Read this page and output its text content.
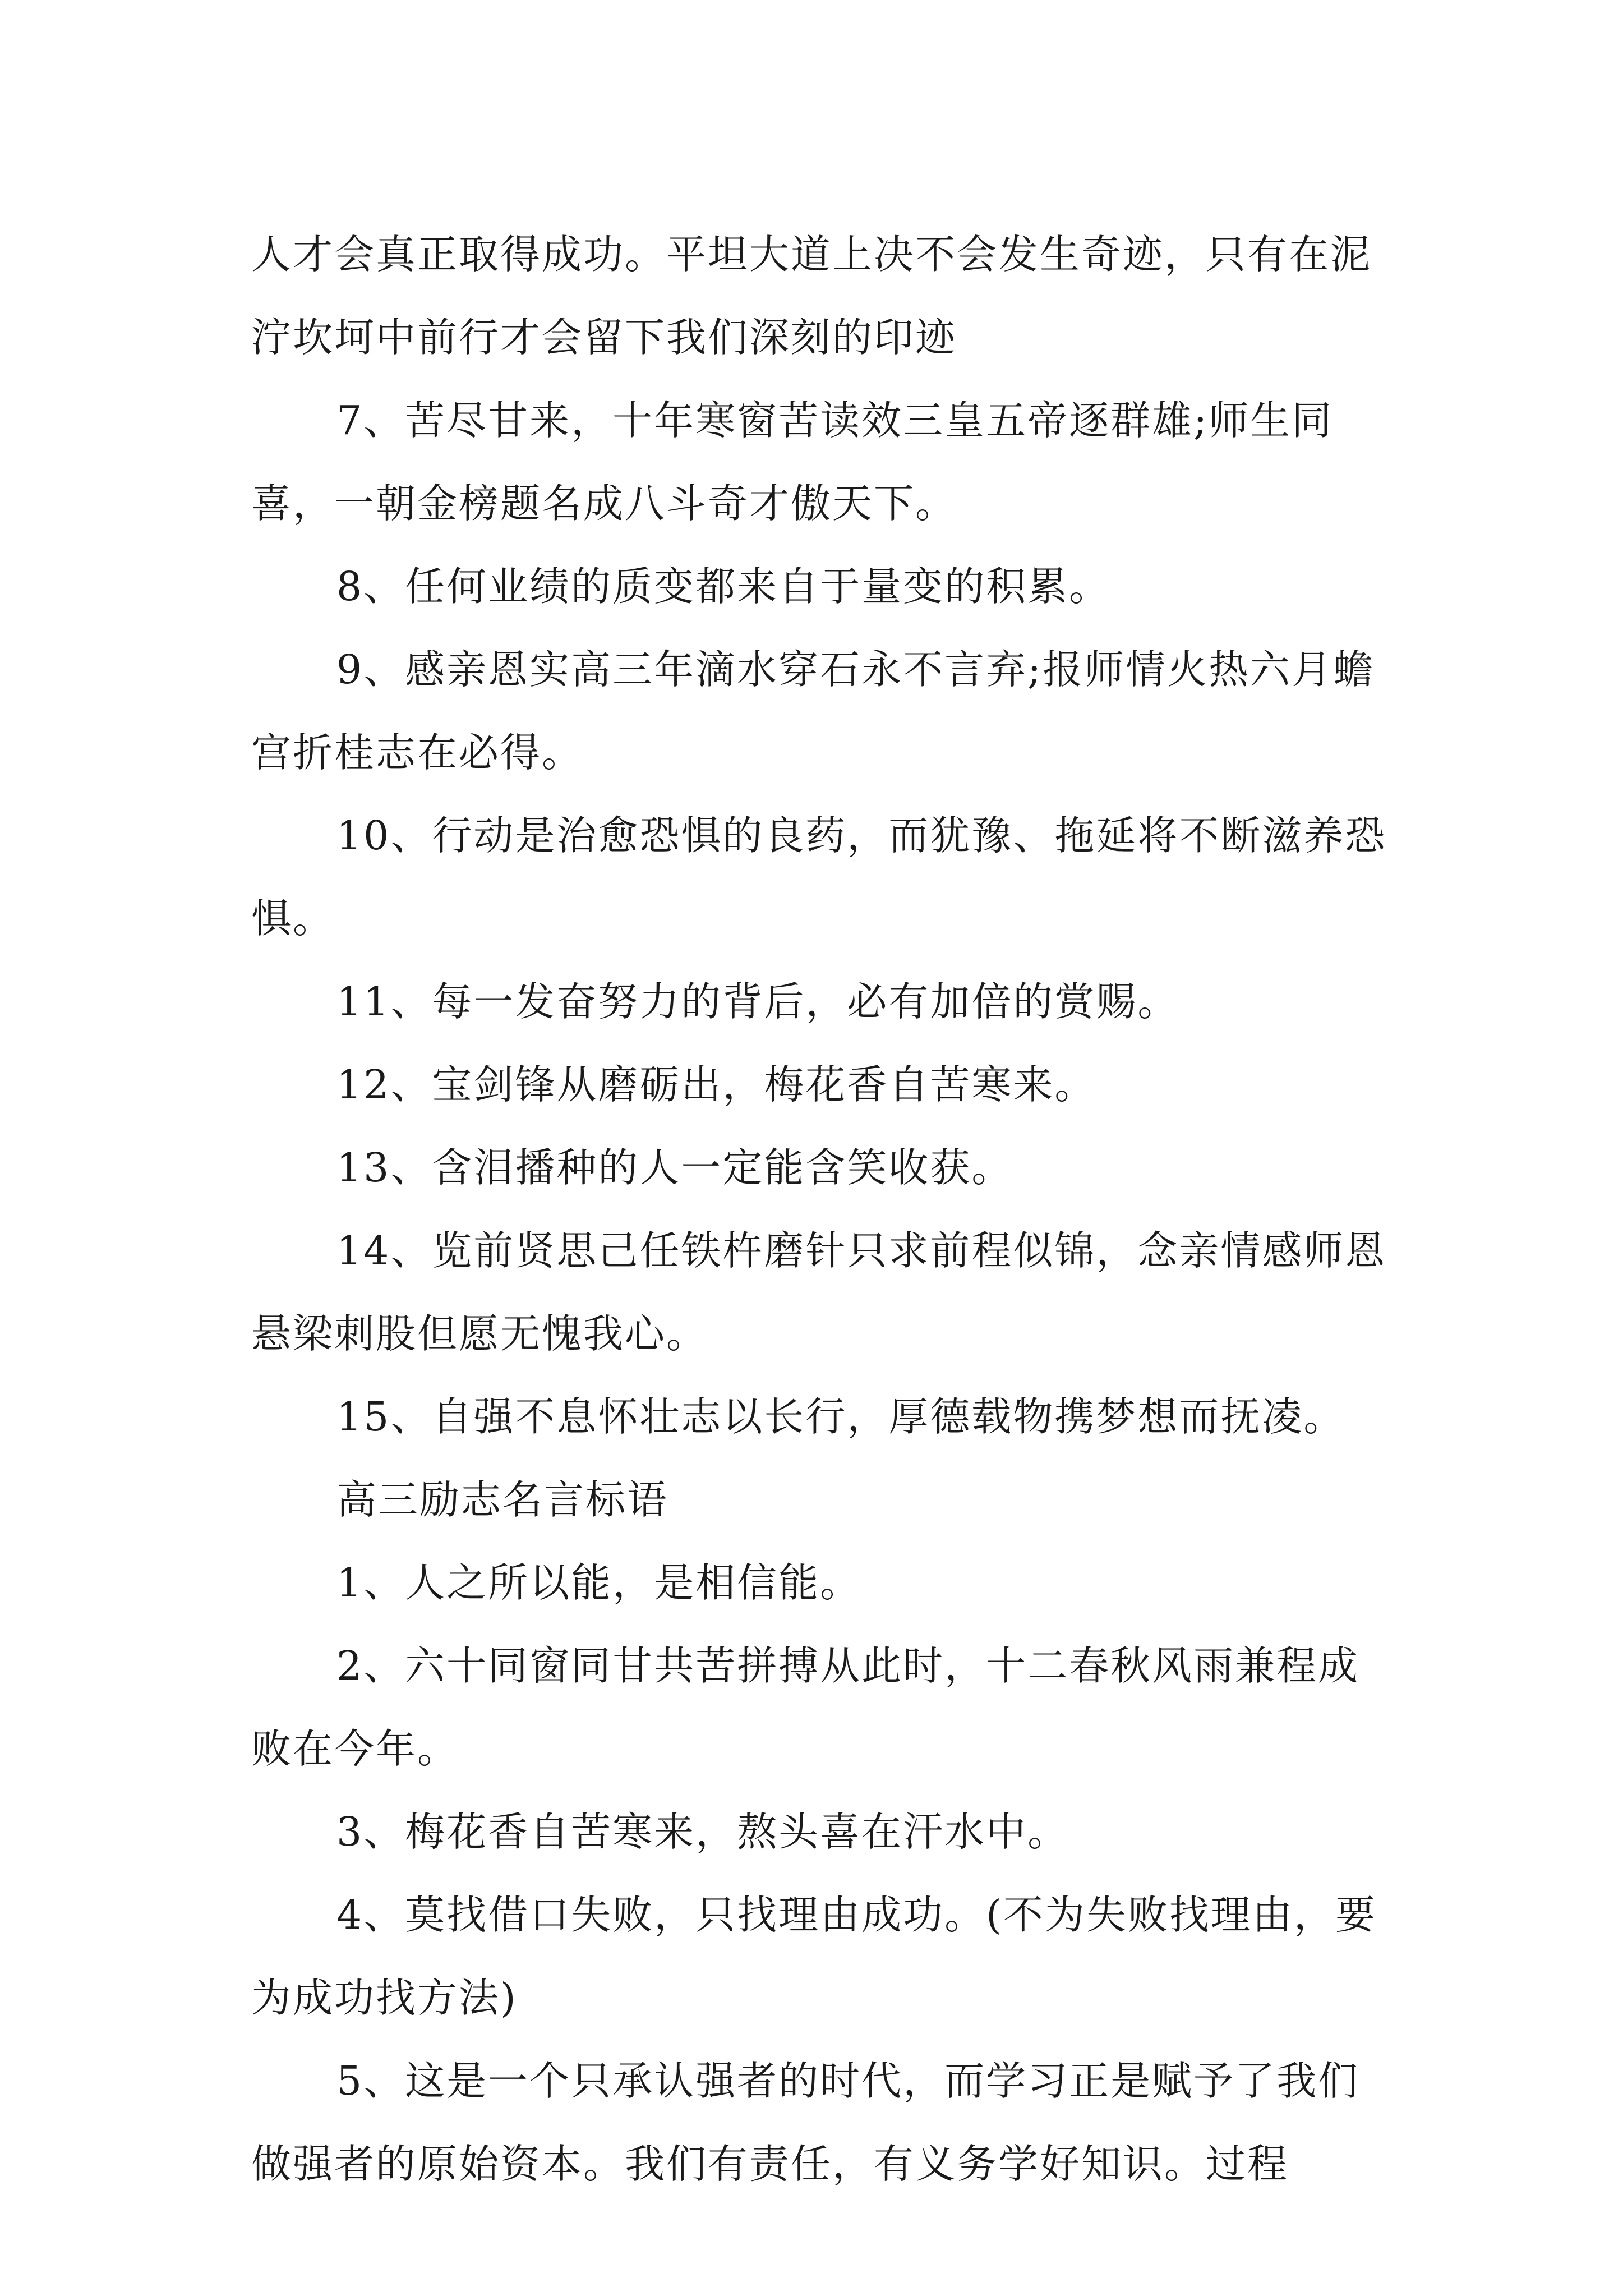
人才会真正取得成功。平坦大道上决不会发生奇迹，只有在泥泞坎坷中前行才会留下我们深刻的印迹

7、苦尽甘来，十年寒窗苦读效三皇五帝逐群雄;师生同喜，一朝金榜题名成八斗奇才傲天下。

8、任何业绩的质变都来自于量变的积累。

9、感亲恩实高三年滴水穿石永不言弃;报师情火热六月蟾宫折桂志在必得。

10、行动是治愈恐惧的良药，而犹豫、拖延将不断滋养恐惧。

11、每一发奋努力的背后，必有加倍的赏赐。

12、宝剑锋从磨砺出，梅花香自苦寒来。

13、含泪播种的人一定能含笑收获。

14、览前贤思己任铁杵磨针只求前程似锦，念亲情感师恩悬梁刺股但愿无愧我心。

15、自强不息怀壮志以长行，厚德载物携梦想而抚凌。

高三励志名言标语

1、人之所以能，是相信能。

2、六十同窗同甘共苦拼搏从此时，十二春秋风雨兼程成败在今年。

3、梅花香自苦寒来，熬头喜在汗水中。

4、莫找借口失败，只找理由成功。(不为失败找理由，要为成功找方法)

5、这是一个只承认强者的时代，而学习正是赋予了我们做强者的原始资本。我们有责任，有义务学好知识。过程
